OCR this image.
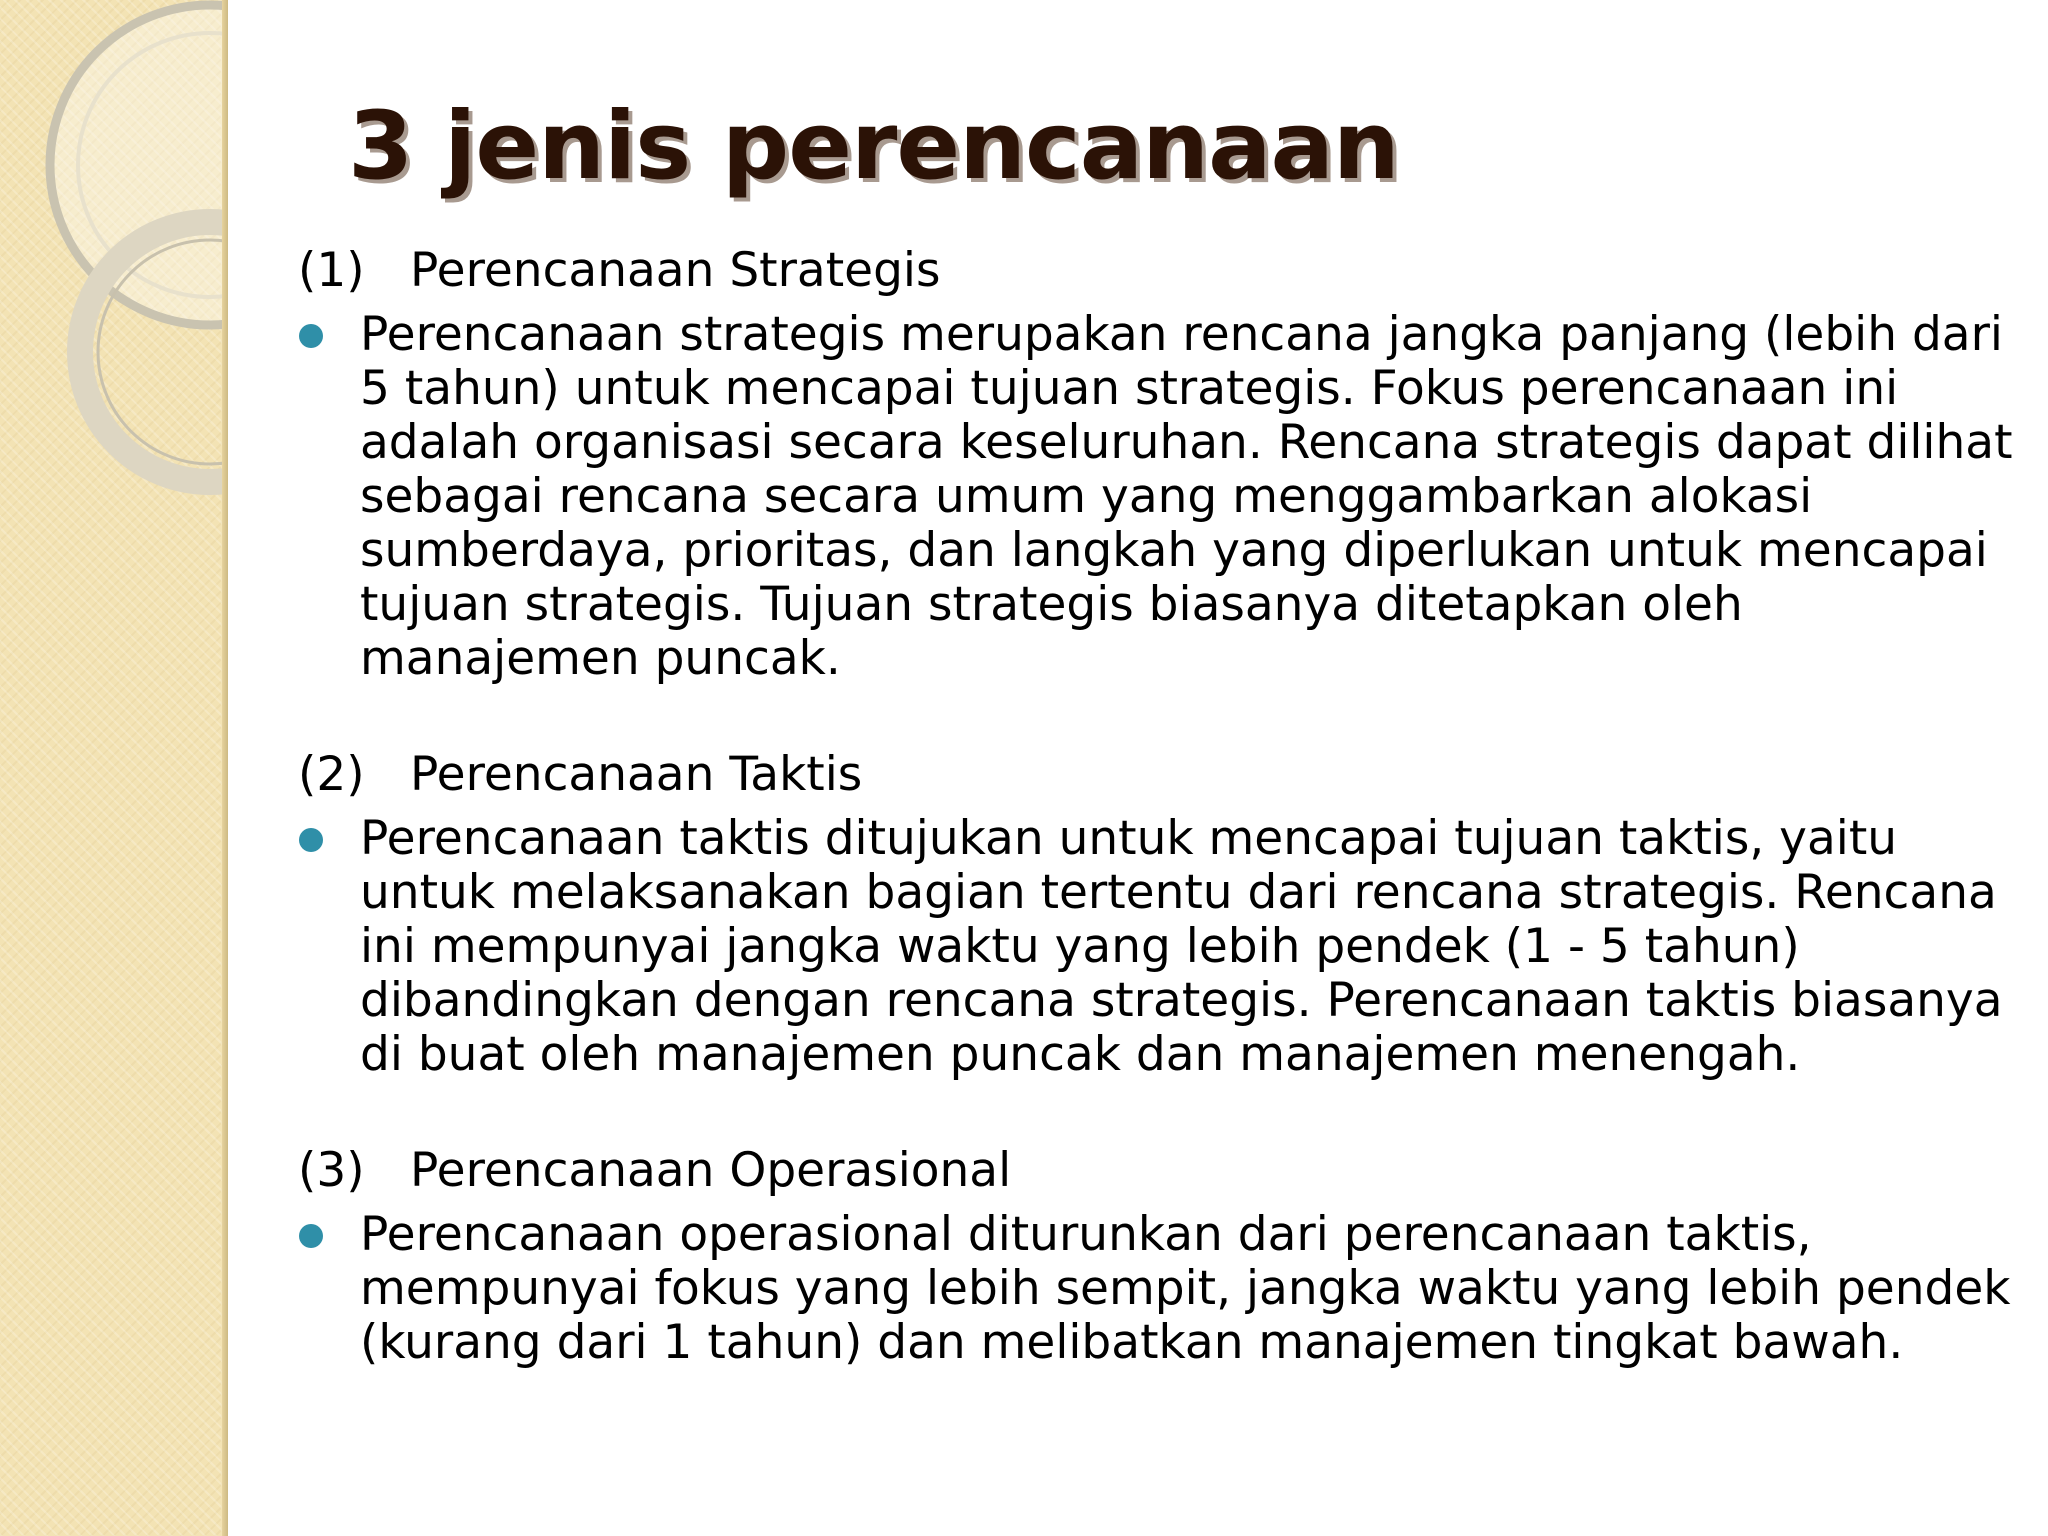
3 jenis perencanaan
(1) Perencanaan Strategis
Perencanaan strategis merupakan rencana jangka panjang (lebih dari 5 tahun) untuk mencapai tujuan strategis. Fokus perencanaan ini adalah organisasi secara keseluruhan. Rencana strategis dapat dilihat sebagai rencana secara umum yang menggambarkan alokasi sumberdaya, prioritas, dan langkah yang diperlukan untuk mencapai tujuan strategis. Tujuan strategis biasanya ditetapkan oleh manajemen puncak.
(2) Perencanaan Taktis
Perencanaan taktis ditujukan untuk mencapai tujuan taktis, yaitu untuk melaksanakan bagian tertentu dari rencana strategis. Rencana ini mempunyai jangka waktu yang lebih pendek (1 - 5 tahun) dibandingkan dengan rencana strategis. Perencanaan taktis biasanya di buat oleh manajemen puncak dan manajemen menengah.
(3) Perencanaan Operasional
Perencanaan operasional diturunkan dari perencanaan taktis, mempunyai fokus yang lebih sempit, jangka waktu yang lebih pendek (kurang dari 1 tahun) dan melibatkan manajemen tingkat bawah.
